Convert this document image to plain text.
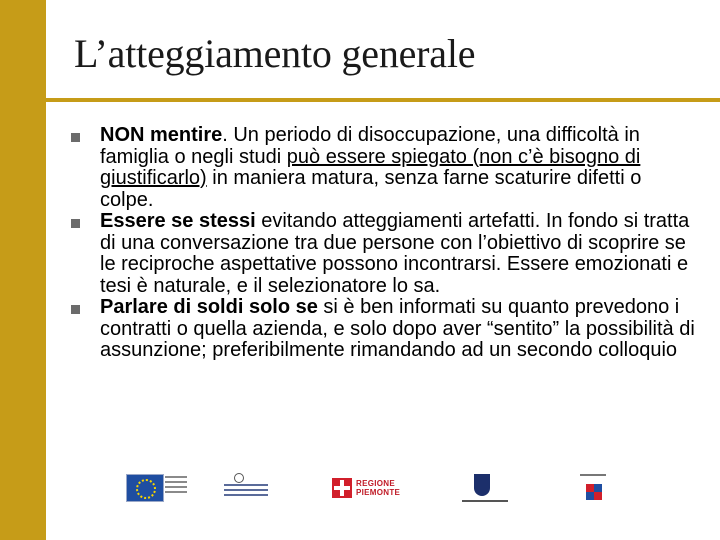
L’atteggiamento generale
NON mentire. Un periodo di disoccupazione, una difficoltà in famiglia o negli studi può essere spiegato (non c’è bisogno di giustificarlo) in maniera matura, senza farne scaturire difetti o colpe.
Essere se stessi evitando atteggiamenti artefatti. In fondo si tratta di una conversazione tra due persone con l’obiettivo di scoprire se le reciproche aspettative possono incontrarsi. Essere emozionati e tesi è naturale, e il selezionatore lo sa.
Parlare di soldi solo se si è ben informati su quanto prevedono i contratti o quella azienda, e solo dopo aver “sentito” la possibilità di assunzione; preferibilmente rimandando ad un secondo colloquio
REGIONE
PIEMONTE
